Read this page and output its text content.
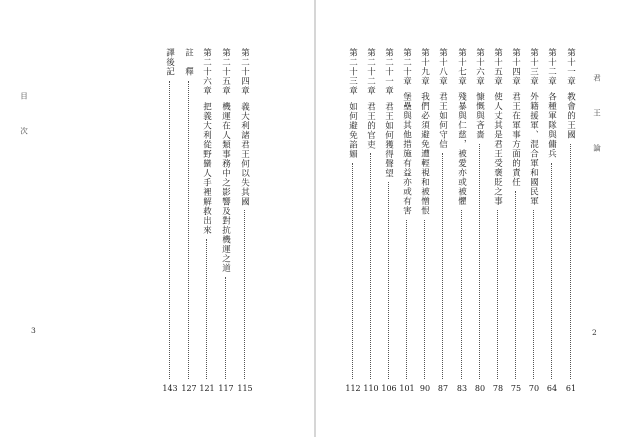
目　次
3
第二十四章義大利諸君王何以失其國
115
第二十五章機運在人類事務中之影響及對抗機運之道
117
第二十六章把義大利從野蠻人手裡解救出來
121
註　釋
127
譯後記
143
君　王　論
2
第十一章教會的王國
61
第十二章各種軍隊與傭兵
64
第十三章外籍援軍、混合軍和國民軍
70
第十四章君王在軍事方面的責任
75
第十五章使人丈其是君王受褒貶之事
78
第十六章慷慨與吝嗇
80
第十七章殘暴與仁慈，被愛亦或被懼
83
第十八章君王如何守信
87
第十九章我們必須避免遭輕視和被憎恨
90
第二十章堡壘與其他措施有益亦或有害
101
第二十一章君王如何獲得聲望
106
第二十二章君王的官吏
110
第二十三章如何避免諂媚
112
